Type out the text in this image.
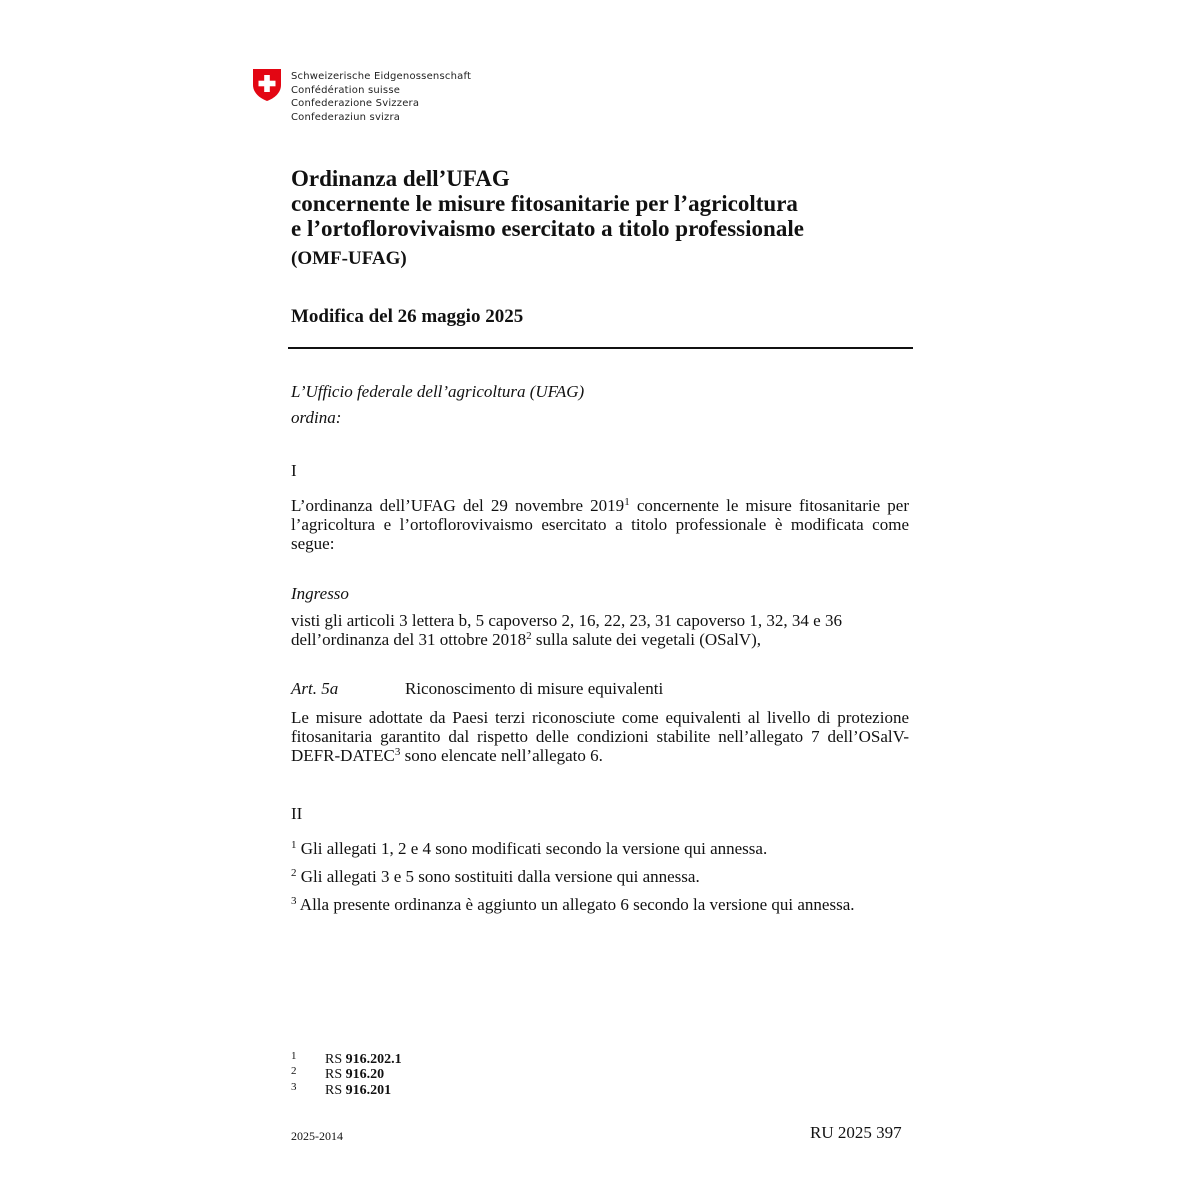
Schweizerische Eidgenossenschaft
Confédération suisse
Confederazione Svizzera
Confederaziun svizra
Ordinanza dell’UFAG
concernente le misure fitosanitarie per l’agricoltura
e l’ortoflorovivaismo esercitato a titolo professionale
(OMF-UFAG)
Modifica del 26 maggio 2025
L’Ufficio federale dell’agricoltura (UFAG)
ordina:
I
L’ordinanza dell’UFAG del 29 novembre 2019$^1$ concernente le misure fitosanitarie per l’agricoltura e l’ortoflorovivaismo esercitato a titolo professionale è modificata come segue:
Ingresso
visti gli articoli 3 lettera b, 5 capoverso 2, 16, 22, 23, 31 capoverso 1, 32, 34 e 36 dell’ordinanza del 31 ottobre 2018$^2$ sulla salute dei vegetali (OSalV),
Art. 5a	Riconoscimento di misure equivalenti
Le misure adottate da Paesi terzi riconosciute come equivalenti al livello di protezione fitosanitaria garantito dal rispetto delle condizioni stabilite nell’allegato 7 dell’OSalV-DEFR-DATEC$^3$ sono elencate nell’allegato 6.
II
$^1$ Gli allegati 1, 2 e 4 sono modificati secondo la versione qui annessa.
$^2$ Gli allegati 3 e 5 sono sostituiti dalla versione qui annessa.
$^3$ Alla presente ordinanza è aggiunto un allegato 6 secondo la versione qui annessa.
1 RS 916.202.1
2 RS 916.20
3 RS 916.201
2025-2014	RU 2025 397
